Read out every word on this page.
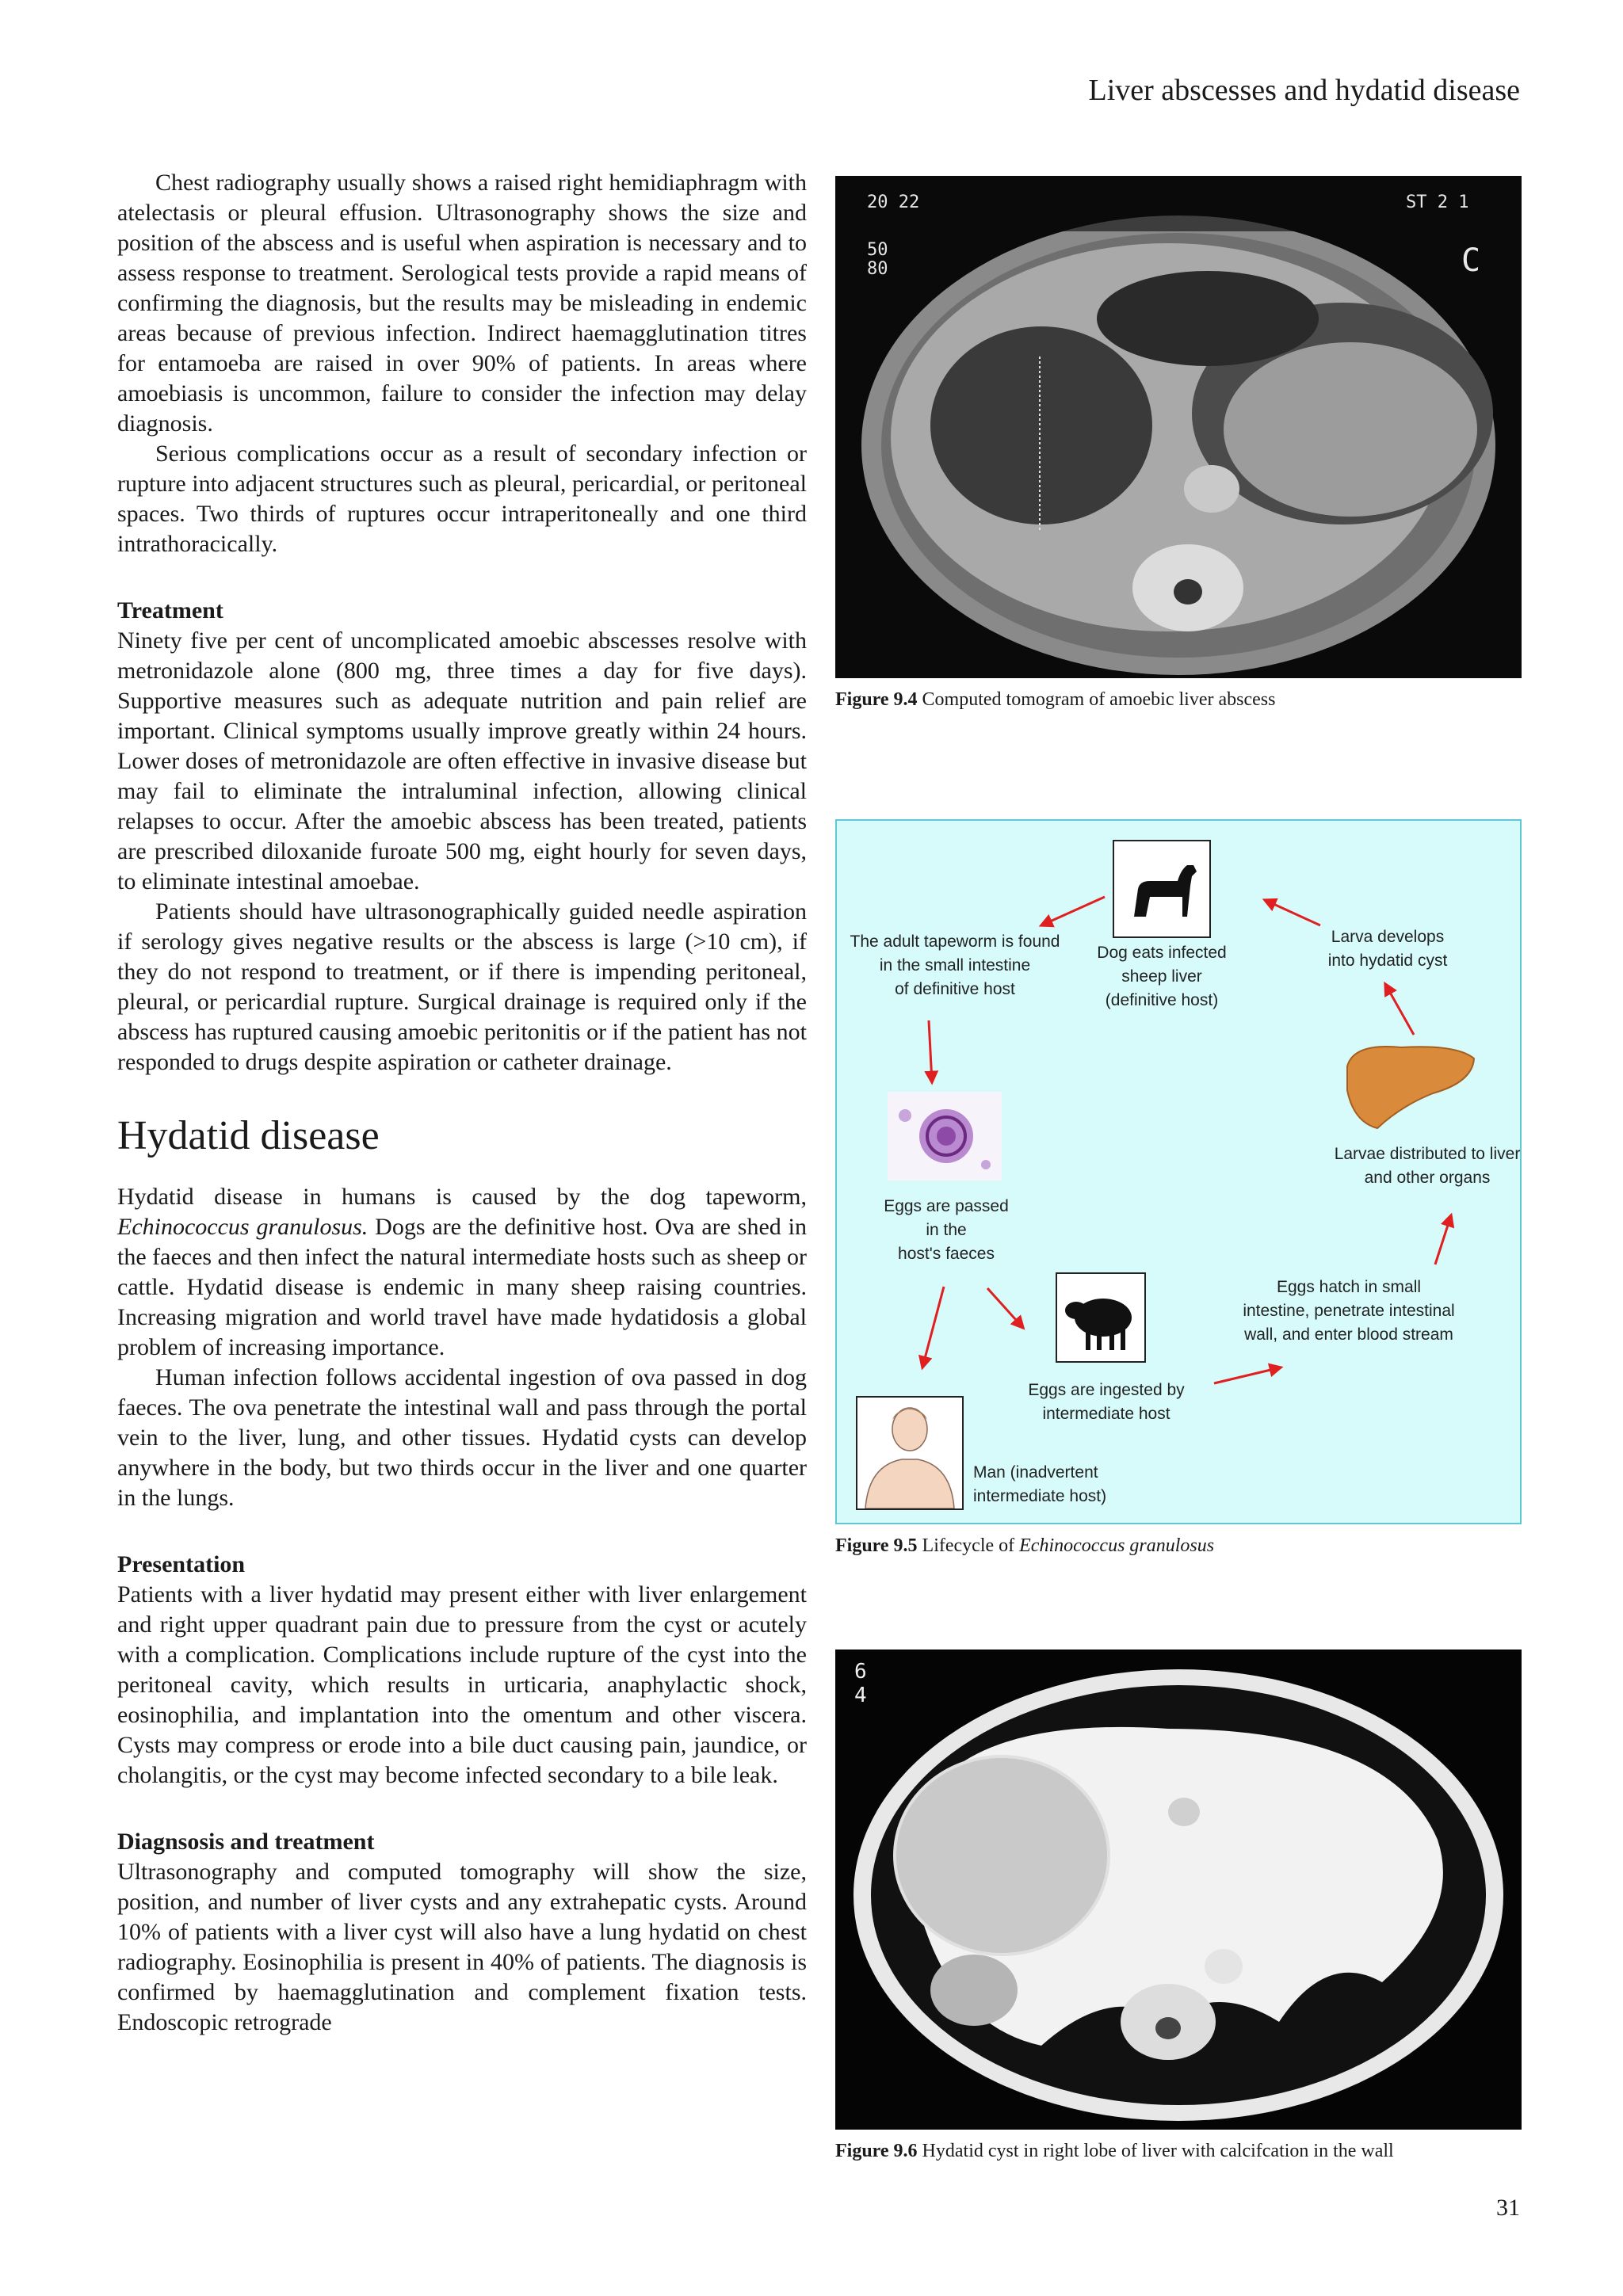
Liver abscesses and hydatid disease

Chest radiography usually shows a raised right hemidiaphragm with atelectasis or pleural effusion. Ultrasonography shows the size and position of the abscess and is useful when aspiration is necessary and to assess response to treatment. Serological tests provide a rapid means of confirming the diagnosis, but the results may be misleading in endemic areas because of previous infection. Indirect haemagglutination titres for entamoeba are raised in over 90% of patients. In areas where amoebiasis is uncommon, failure to consider the infection may delay diagnosis.

Serious complications occur as a result of secondary infection or rupture into adjacent structures such as pleural, pericardial, or peritoneal spaces. Two thirds of ruptures occur intraperitoneally and one third intrathoracically.

Treatment

Ninety five per cent of uncomplicated amoebic abscesses resolve with metronidazole alone (800 mg, three times a day for five days). Supportive measures such as adequate nutrition and pain relief are important. Clinical symptoms usually improve greatly within 24 hours. Lower doses of metronidazole are often effective in invasive disease but may fail to eliminate the intraluminal infection, allowing clinical relapses to occur. After the amoebic abscess has been treated, patients are prescribed diloxanide furoate 500 mg, eight hourly for seven days, to eliminate intestinal amoebae.

Patients should have ultrasonographically guided needle aspiration if serology gives negative results or the abscess is large (>10 cm), if they do not respond to treatment, or if there is impending peritoneal, pleural, or pericardial rupture. Surgical drainage is required only if the abscess has ruptured causing amoebic peritonitis or if the patient has not responded to drugs despite aspiration or catheter drainage.

Hydatid disease

Hydatid disease in humans is caused by the dog tapeworm, Echinococcus granulosus. Dogs are the definitive host. Ova are shed in the faeces and then infect the natural intermediate hosts such as sheep or cattle. Hydatid disease is endemic in many sheep raising countries. Increasing migration and world travel have made hydatidosis a global problem of increasing importance.

Human infection follows accidental ingestion of ova passed in dog faeces. The ova penetrate the intestinal wall and pass through the portal vein to the liver, lung, and other tissues. Hydatid cysts can develop anywhere in the body, but two thirds occur in the liver and one quarter in the lungs.

Presentation

Patients with a liver hydatid may present either with liver enlargement and right upper quadrant pain due to pressure from the cyst or acutely with a complication. Complications include rupture of the cyst into the peritoneal cavity, which results in urticaria, anaphylactic shock, eosinophilia, and implantation into the omentum and other viscera. Cysts may compress or erode into a bile duct causing pain, jaundice, or cholangitis, or the cyst may become infected secondary to a bile leak.

Diagnsosis and treatment

Ultrasonography and computed tomography will show the size, position, and number of liver cysts and any extrahepatic cysts. Around 10% of patients with a liver cyst will also have a lung hydatid on chest radiography. Eosinophilia is present in 40% of patients. The diagnosis is confirmed by haemagglutination and complement fixation tests. Endoscopic retrograde

20 22
50
80
ST 2 1
C
Figure 9.4 Computed tomogram of amoebic liver abscess
The adult tapeworm is found
in the small intestine
of definitive host
Dog eats infected
sheep liver
(definitive host)
Larva develops
into hydatid cyst
Larvae distributed to liver
and other organs
Eggs are passed
in the
host's faeces
Eggs hatch in small
intestine, penetrate intestinal
wall, and enter blood stream
Eggs are ingested by
intermediate host
Man (inadvertent
intermediate host)
Figure 9.5 Lifecycle of Echinococcus granulosus
6
4
Figure 9.6 Hydatid cyst in right lobe of liver with calcifcation in the wall
31
